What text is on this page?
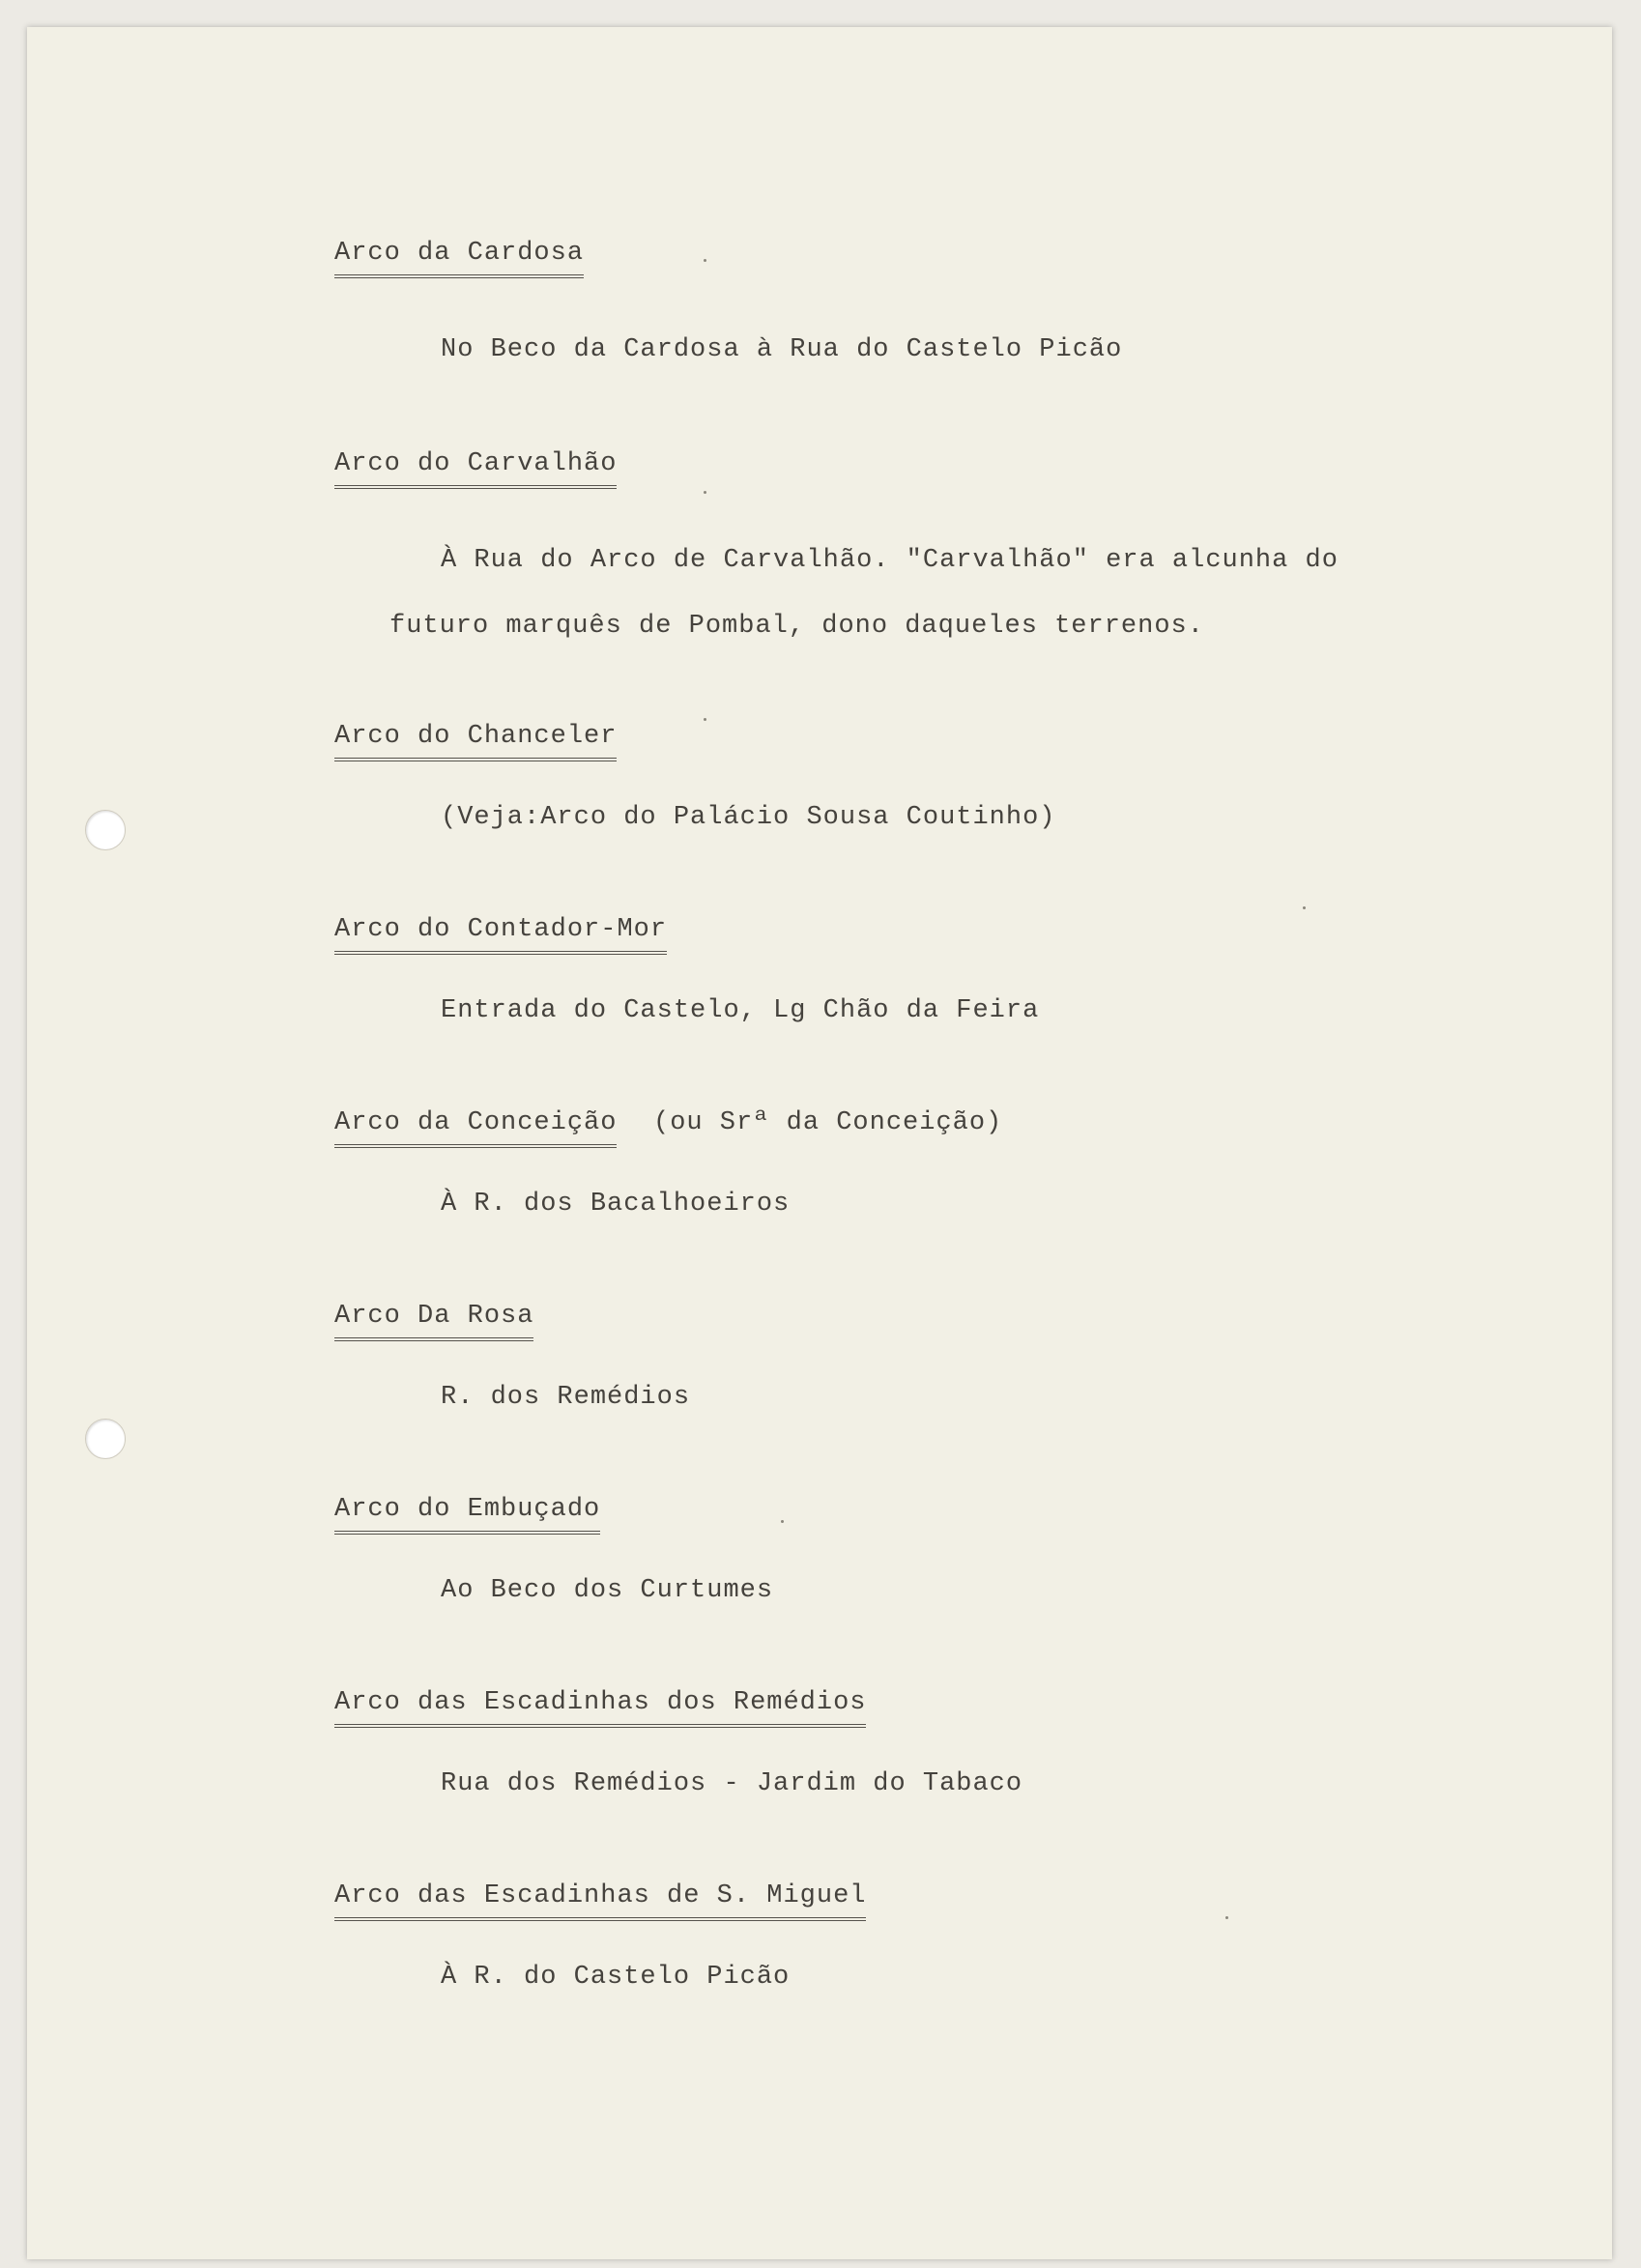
Arco da Cardosa
No Beco da Cardosa à Rua do Castelo Picão
Arco do Carvalhão
À Rua do Arco de Carvalhão. "Carvalhão" era alcunha do
futuro marquês de Pombal, dono daqueles terrenos.
Arco do Chanceler
(Veja:Arco do Palácio Sousa Coutinho)
Arco do Contador-Mor
Entrada do Castelo, Lg Chão da Feira
Arco da Conceição (ou Srª da Conceição)
À R. dos Bacalhoeiros
Arco Da Rosa
R. dos Remédios
Arco do Embuçado
Ao Beco dos Curtumes
Arco das Escadinhas dos Remédios
Rua dos Remédios - Jardim do Tabaco
Arco das Escadinhas de S. Miguel
À R. do Castelo Picão
